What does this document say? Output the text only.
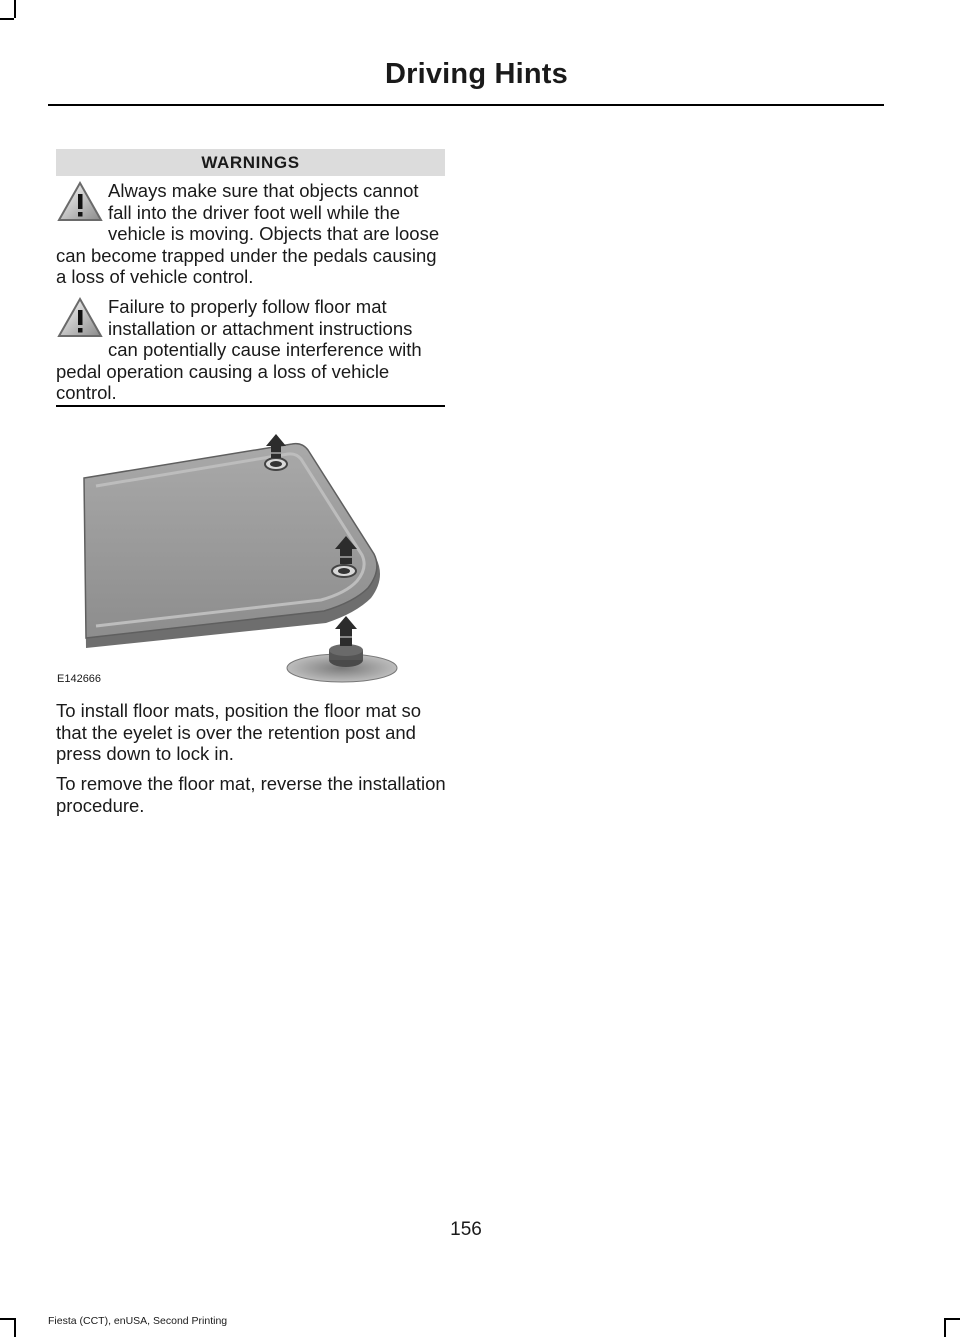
Driving Hints
WARNINGS
Always make sure that objects cannot fall into the driver foot well while the vehicle is moving. Objects that are loose can become trapped under the pedals causing a loss of vehicle control.
Failure to properly follow floor mat installation or attachment instructions can potentially cause interference with pedal operation causing a loss of vehicle control.
E142666
To install floor mats, position the floor mat so that the eyelet is over the retention post and press down to lock in.
To remove the floor mat, reverse the installation procedure.
156
Fiesta (CCT), enUSA, Second Printing
